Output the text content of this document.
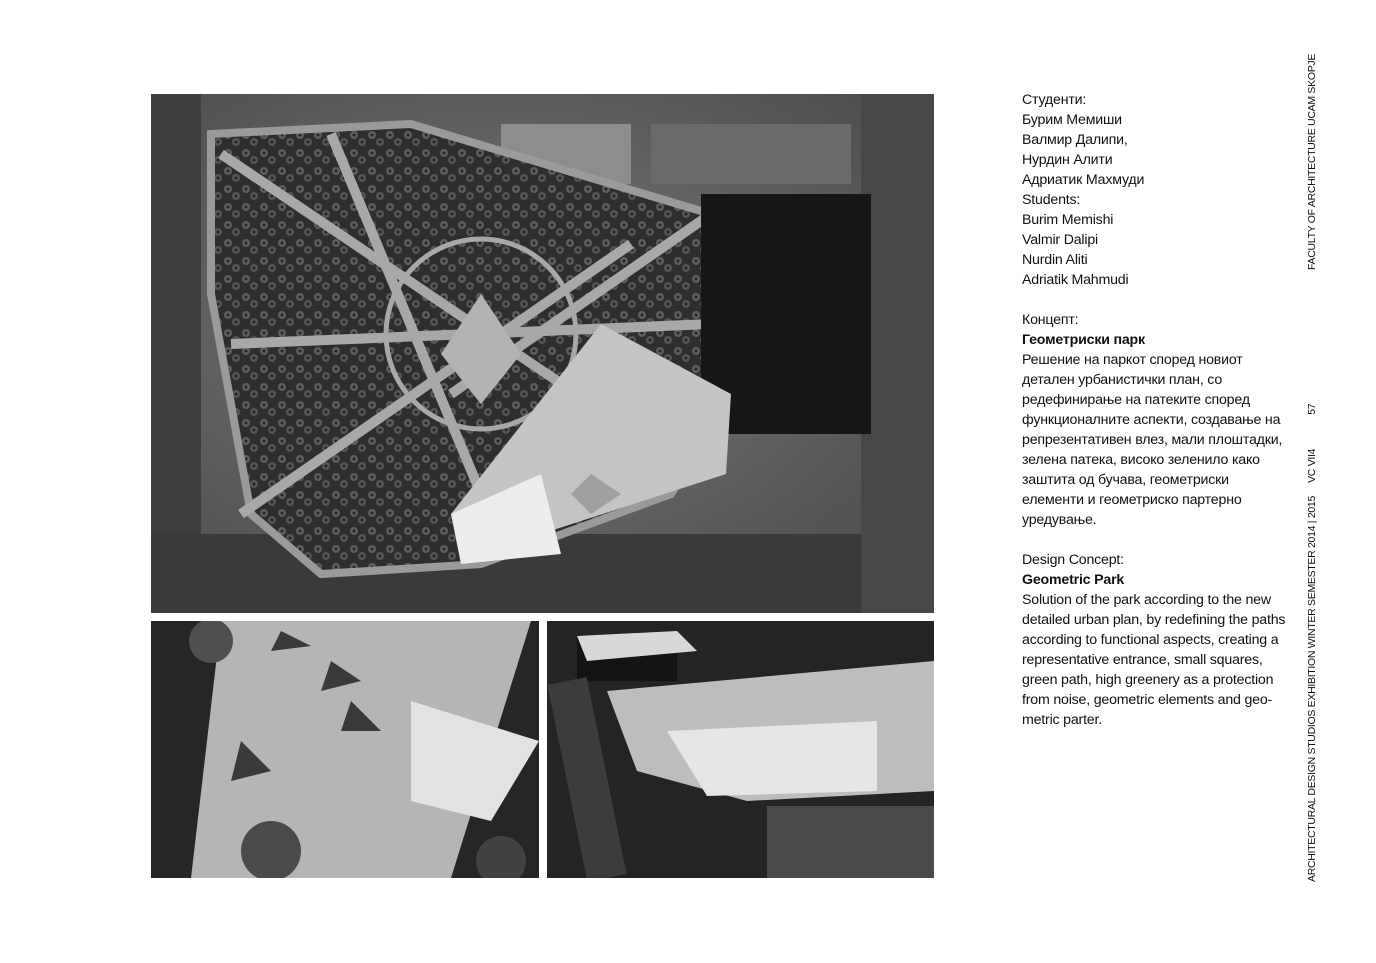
Студенти:
Бурим Мемиши
Валмир Далипи,
Нурдин Алити
Адриатик Махмуди
Students:
Burim Memishi
Valmir Dalipi
Nurdin Aliti
Adriatik Mahmudi
Концепт:
Геометриски парк

Решение на паркот според новиот
детален урбанистички план, со
редефинирање на патеките според
функционалните аспекти, создавање на
репрезентативен влез, мали плоштадки,
зелена патека, високо зеленило како
заштита од бучава, геометриски
елементи и геометриско партерно
уредување.

Design Concept:
Geometric Park

Solution of the park according to the new
detailed urban plan, by redefining the paths
according to functional aspects, creating a
representative entrance, small squares,
green path, high greenery as a protection
from noise, geometric elements and geo-
metric parter.

FACULTY OF ARCHITECTURE UCAM SKOPJE
ARCHITECTURAL DESIGN STUDIOS EXHIBITION WINTER SEMESTER 2014 | 2015     VC VII4             57
